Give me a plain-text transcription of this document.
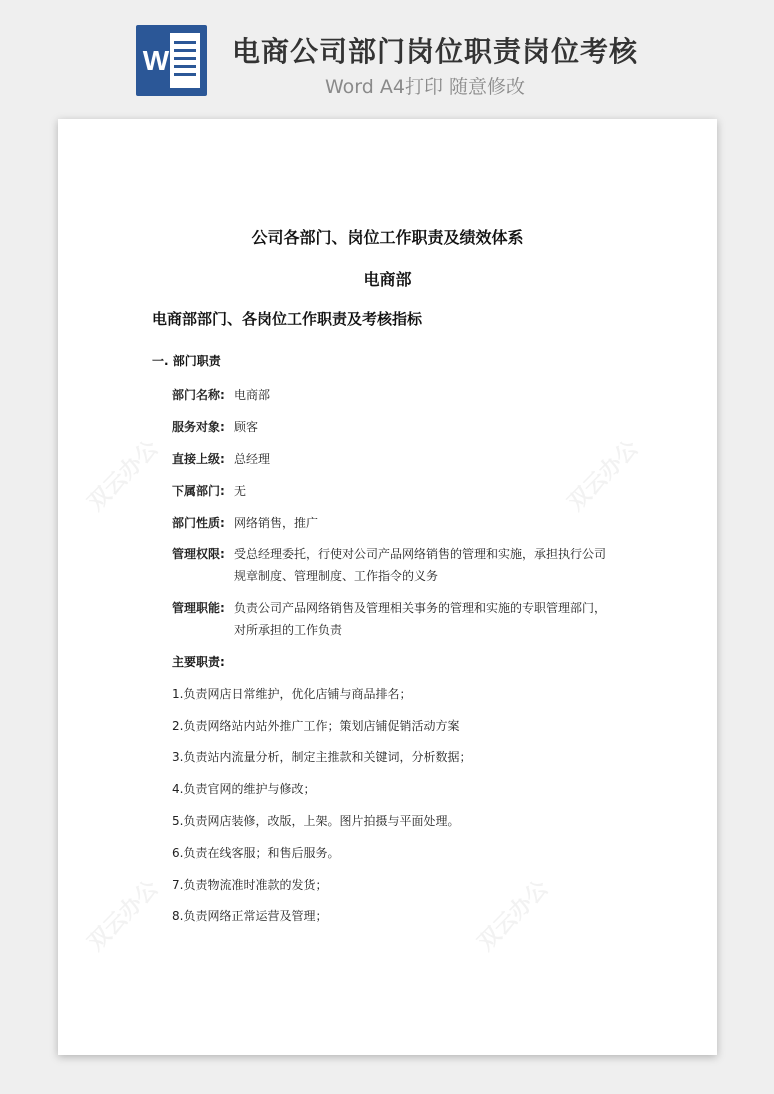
W 电商公司部门岗位职责岗位考核
Word A4打印 随意修改
双云办公	双云办公
双云办公	双云办公
公司各部门、岗位工作职责及绩效体系
电商部
电商部部门、各岗位工作职责及考核指标
一. 部门职责
部门名称: 电商部
服务对象: 顾客
直接上级: 总经理
下属部门: 无
部门性质: 网络销售，推广
管理权限: 受总经理委托，行使对公司产品网络销售的管理和实施，承担执行公司规章制度、管理制度、工作指令的义务
管理职能: 负责公司产品网络销售及管理相关事务的管理和实施的专职管理部门，对所承担的工作负责
主要职责:
1.负责网店日常维护，优化店铺与商品排名；
2.负责网络站内站外推广工作；策划店铺促销活动方案
3.负责站内流量分析，制定主推款和关键词，分析数据；
4.负责官网的维护与修改；
5.负责网店装修，改版，上架。图片拍摄与平面处理。
6.负责在线客服；和售后服务。
7.负责物流准时准款的发货；
8.负责网络正常运营及管理；
